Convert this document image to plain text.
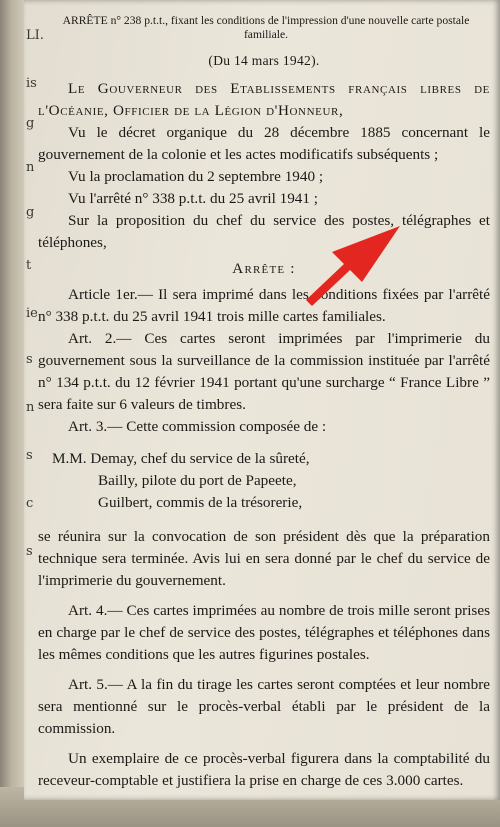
LI.
is
g
n
g
t
ie
s
n
s
c
s
ARRÊTE n° 238 p.t.t., fixant les conditions de l'impression d'une nouvelle carte postale familiale.
(Du 14 mars 1942).

Le Gouverneur des Etablissements français libres de l'Océanie, Officier de la Légion d'Honneur,

Vu le décret organique du 28 décembre 1885 concernant le gouvernement de la colonie et les actes modificatifs subséquents ;

Vu la proclamation du 2 septembre 1940 ;

Vu l'arrêté n° 338 p.t.t. du 25 avril 1941 ;

Sur la proposition du chef du service des postes, télégraphes et téléphones,

Arrête :

Article 1er.— Il sera imprimé dans les conditions fixées par l'arrêté n° 338 p.t.t. du 25 avril 1941 trois mille cartes familiales.

Art. 2.— Ces cartes seront imprimées par l'imprimerie du gouvernement sous la surveillance de la commission instituée par l'arrêté n° 134 p.t.t. du 12 février 1941 portant qu'une surcharge “ France Libre ” sera faite sur 6 valeurs de timbres.

Art. 3.— Cette commission composée de :

M.M. Demay, chef du service de la sûreté,
Bailly, pilote du port de Papeete,
Guilbert, commis de la trésorerie,

se réunira sur la convocation de son président dès que la préparation technique sera terminée. Avis lui en sera donné par le chef du service de l'imprimerie du gouvernement.

Art. 4.— Ces cartes imprimées au nombre de trois mille seront prises en charge par le chef de service des postes, télégraphes et téléphones dans les mêmes conditions que les autres figurines postales.

Art. 5.— A la fin du tirage les cartes seront comptées et leur nombre sera mentionné sur le procès-verbal établi par le président de la commission.

Un exemplaire de ce procès-verbal figurera dans la comptabilité du receveur-comptable et justifiera la prise en charge de ces 3.000 cartes.
